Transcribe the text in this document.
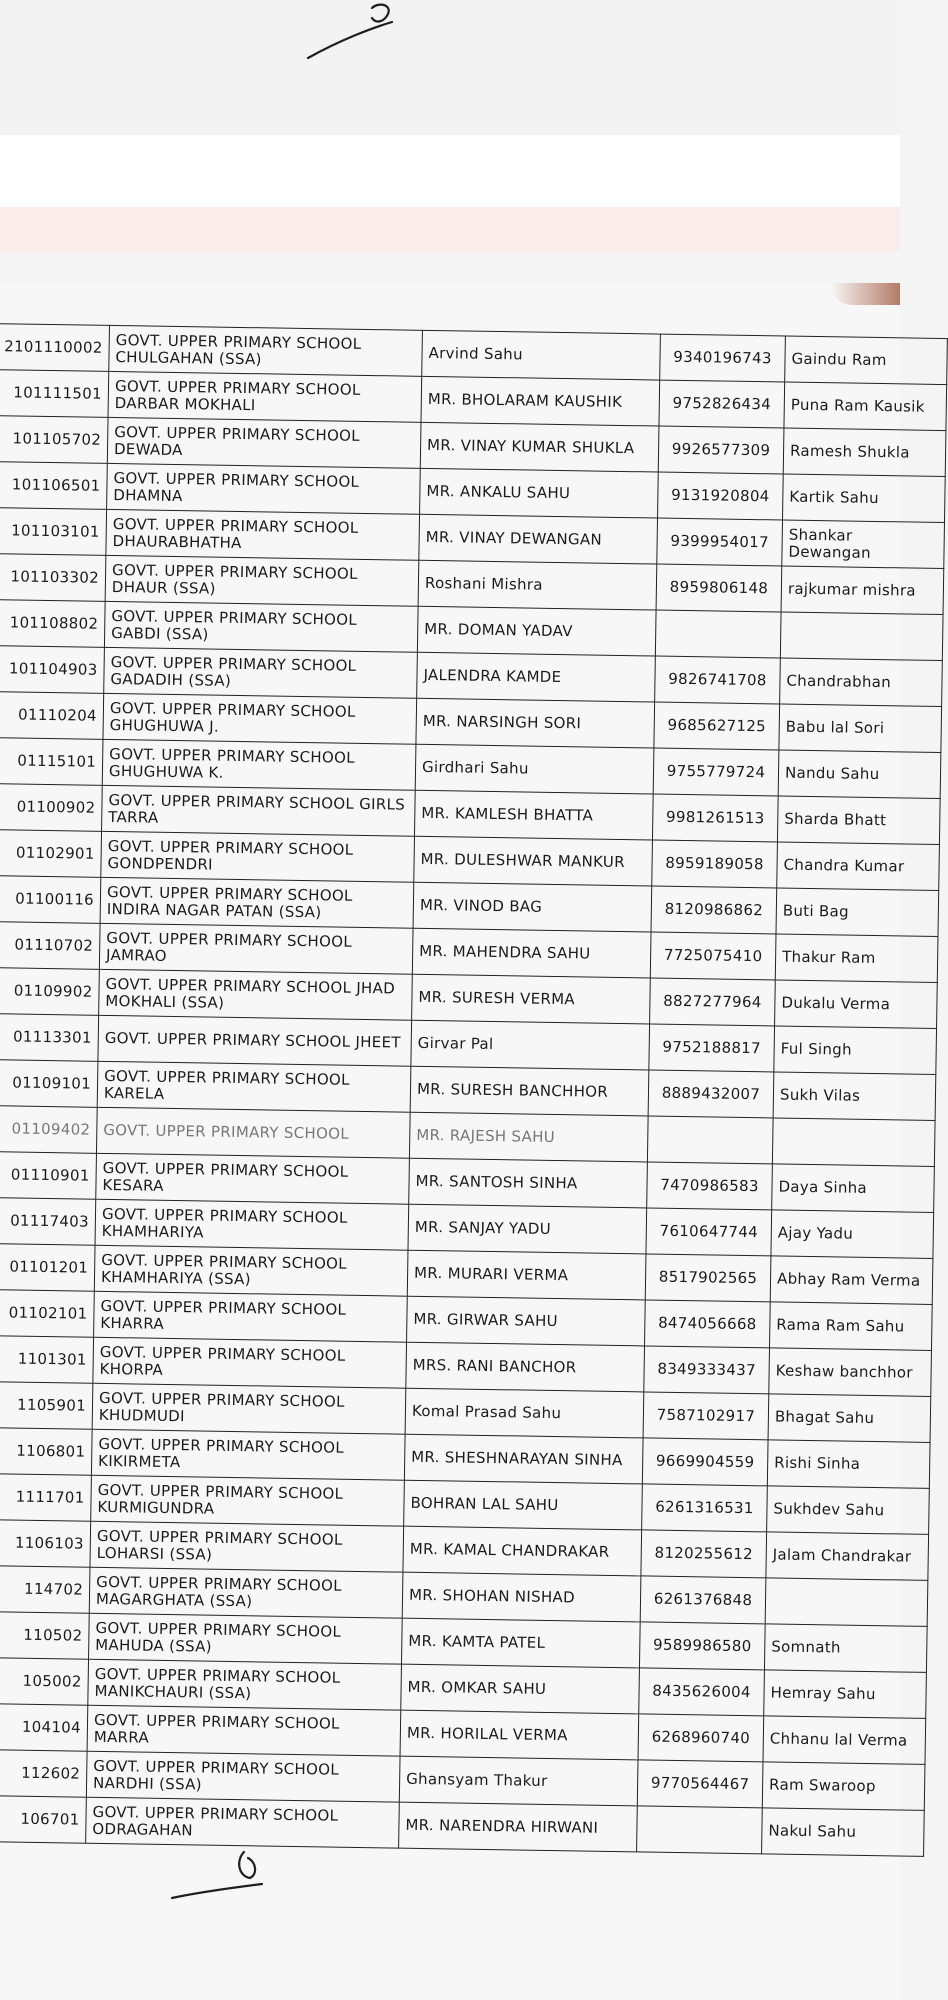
2101110002	GOVT. UPPER PRIMARY SCHOOL CHULGAHAN (SSA)	Arvind Sahu	9340196743	Gaindu Ram
101111501	GOVT. UPPER PRIMARY SCHOOL DARBAR MOKHALI	MR. BHOLARAM KAUSHIK	9752826434	Puna Ram Kausik
101105702	GOVT. UPPER PRIMARY SCHOOL DEWADA	MR. VINAY KUMAR SHUKLA	9926577309	Ramesh Shukla
101106501	GOVT. UPPER PRIMARY SCHOOL DHAMNA	MR. ANKALU SAHU	9131920804	Kartik Sahu
101103101	GOVT. UPPER PRIMARY SCHOOL DHAURABHATHA	MR. VINAY DEWANGAN	9399954017	Shankar Dewangan
101103302	GOVT. UPPER PRIMARY SCHOOL DHAUR (SSA)	Roshani Mishra	8959806148	rajkumar mishra
101108802	GOVT. UPPER PRIMARY SCHOOL GABDI (SSA)	MR. DOMAN YADAV		
101104903	GOVT. UPPER PRIMARY SCHOOL GADADIH (SSA)	JALENDRA KAMDE	9826741708	Chandrabhan
01110204	GOVT. UPPER PRIMARY SCHOOL GHUGHUWA J.	MR. NARSINGH SORI	9685627125	Babu lal Sori
01115101	GOVT. UPPER PRIMARY SCHOOL GHUGHUWA K.	Girdhari Sahu	9755779724	Nandu Sahu
01100902	GOVT. UPPER PRIMARY SCHOOL GIRLS TARRA	MR. KAMLESH BHATTA	9981261513	Sharda Bhatt
01102901	GOVT. UPPER PRIMARY SCHOOL GONDPENDRI	MR. DULESHWAR MANKUR	8959189058	Chandra Kumar
01100116	GOVT. UPPER PRIMARY SCHOOL INDIRA NAGAR PATAN (SSA)	MR. VINOD BAG	8120986862	Buti Bag
01110702	GOVT. UPPER PRIMARY SCHOOL JAMRAO	MR. MAHENDRA SAHU	7725075410	Thakur Ram
01109902	GOVT. UPPER PRIMARY SCHOOL JHAD MOKHALI (SSA)	MR. SURESH VERMA	8827277964	Dukalu Verma
01113301	GOVT. UPPER PRIMARY SCHOOL JHEET	Girvar Pal	9752188817	Ful Singh
01109101	GOVT. UPPER PRIMARY SCHOOL KARELA	MR. SURESH BANCHHOR	8889432007	Sukh Vilas
01109402	GOVT. UPPER PRIMARY SCHOOL	MR. RAJESH SAHU		
01110901	GOVT. UPPER PRIMARY SCHOOL KESARA	MR. SANTOSH SINHA	7470986583	Daya Sinha
01117403	GOVT. UPPER PRIMARY SCHOOL KHAMHARIYA	MR. SANJAY YADU	7610647744	Ajay Yadu
01101201	GOVT. UPPER PRIMARY SCHOOL KHAMHARIYA (SSA)	MR. MURARI VERMA	8517902565	Abhay Ram Verma
01102101	GOVT. UPPER PRIMARY SCHOOL KHARRA	MR. GIRWAR SAHU	8474056668	Rama Ram Sahu
1101301	GOVT. UPPER PRIMARY SCHOOL KHORPA	MRS. RANI BANCHOR	8349333437	Keshaw banchhor
1105901	GOVT. UPPER PRIMARY SCHOOL KHUDMUDI	Komal Prasad Sahu	7587102917	Bhagat Sahu
1106801	GOVT. UPPER PRIMARY SCHOOL KIKIRMETA	MR. SHESHNARAYAN SINHA	9669904559	Rishi Sinha
1111701	GOVT. UPPER PRIMARY SCHOOL KURMIGUNDRA	BOHRAN LAL SAHU	6261316531	Sukhdev Sahu
1106103	GOVT. UPPER PRIMARY SCHOOL LOHARSI (SSA)	MR. KAMAL CHANDRAKAR	8120255612	Jalam Chandrakar
114702	GOVT. UPPER PRIMARY SCHOOL MAGARGHATA (SSA)	MR. SHOHAN NISHAD	6261376848	
110502	GOVT. UPPER PRIMARY SCHOOL MAHUDA (SSA)	MR. KAMTA PATEL	9589986580	Somnath
105002	GOVT. UPPER PRIMARY SCHOOL MANIKCHAURI (SSA)	MR. OMKAR SAHU	8435626004	Hemray Sahu
104104	GOVT. UPPER PRIMARY SCHOOL MARRA	MR. HORILAL VERMA	6268960740	Chhanu lal Verma
112602	GOVT. UPPER PRIMARY SCHOOL NARDHI (SSA)	Ghansyam Thakur	9770564467	Ram Swaroop
106701	GOVT. UPPER PRIMARY SCHOOL ODRAGAHAN	MR. NARENDRA HIRWANI		Nakul Sahu
